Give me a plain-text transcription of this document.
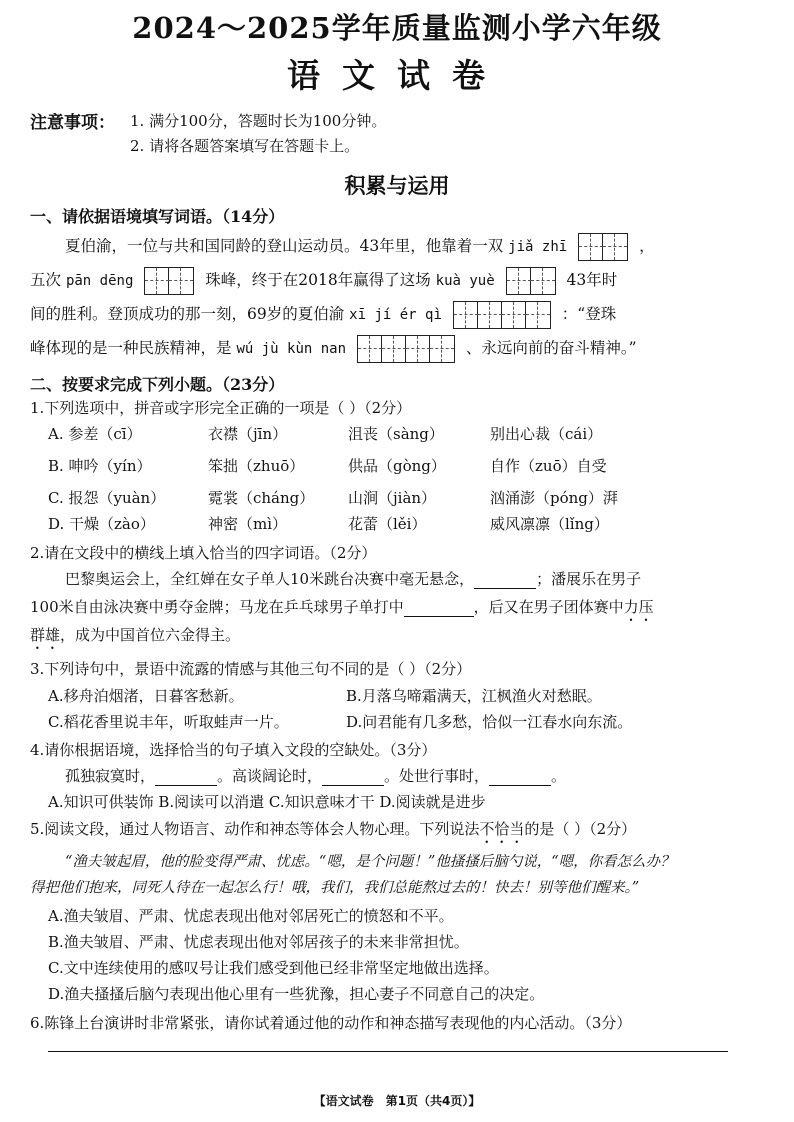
2024～2025学年质量监测小学六年级
语文试卷
注意事项： 1. 满分100分，答题时长为100分钟。
2. 请将各题答案填写在答题卡上。
积累与运用
一、请依据语境填写词语。（14分）
夏伯渝，一位与共和国同龄的登山运动员。43年里，他靠着一双 jiǎ zhī	，
五次 pān dēng	珠峰，终于在2018年赢得了这场 kuà yuè	43年时
间的胜利。登顶成功的那一刻，69岁的夏伯渝 xī jí ér qì	：“登珠
峰体现的是一种民族精神，是 wú jù kùn nan	、永远向前的奋斗精神。”
二、按要求完成下列小题。（23分）
1.下列选项中，拼音或字形完全正确的一项是（ ）（2分）
A. 参差（cī）	衣襟（jīn）	沮丧（sàng）	别出心裁（cái）
B. 呻吟（yín）	笨拙（zhuō）	供品（gòng）	自作（zuō）自受
C. 报怨（yuàn）	霓裳（cháng） 山涧（jiàn）	汹涌澎（póng）湃
D. 干燥（zào）	神密（mì）	花蕾（lěi）	威风凛凛（lǐng）
2.请在文段中的横线上填入恰当的四字词语。（2分）
巴黎奥运会上，全红婵在女子单人10米跳台决赛中毫无悬念，	；潘展乐在男子
100米自由泳决赛中勇夺金牌；马龙在乒乓球男子单打中	，后又在男子团体赛中力压
群雄，成为中国首位六金得主。
3.下列诗句中，景语中流露的情感与其他三句不同的是（ ）（2分）
A.移舟泊烟渚，日暮客愁新。	B.月落乌啼霜满天，江枫渔火对愁眠。
C.稻花香里说丰年，听取蛙声一片。	D.问君能有几多愁，恰似一江春水向东流。
4.请你根据语境，选择恰当的句子填入文段的空缺处。（3分）
孤独寂寞时，	。高谈阔论时，	。处世行事时，	。
A.知识可供装饰 B.阅读可以消遣 C.知识意味才干 D.阅读就是进步
5.阅读文段，通过人物语言、动作和神态等体会人物心理。下列说法不恰当的是（ ）（2分）
“渔夫皱起眉，他的脸变得严肃、忧虑。“嗯，是个问题！”他搔搔后脑勺说，“嗯，你看怎么办？
得把他们抱来，同死人待在一起怎么行！哦，我们，我们总能熬过去的！快去！别等他们醒来。”
A.渔夫皱眉、严肃、忧虑表现出他对邻居死亡的愤怒和不平。
B.渔夫皱眉、严肃、忧虑表现出他对邻居孩子的未来非常担忧。
C.文中连续使用的感叹号让我们感受到他已经非常坚定地做出选择。
D.渔夫搔搔后脑勺表现出他心里有一些犹豫，担心妻子不同意自己的决定。
6.陈锋上台演讲时非常紧张，请你试着通过他的动作和神态描写表现他的内心活动。（3分）
【语文试卷　第1页（共4页）】
